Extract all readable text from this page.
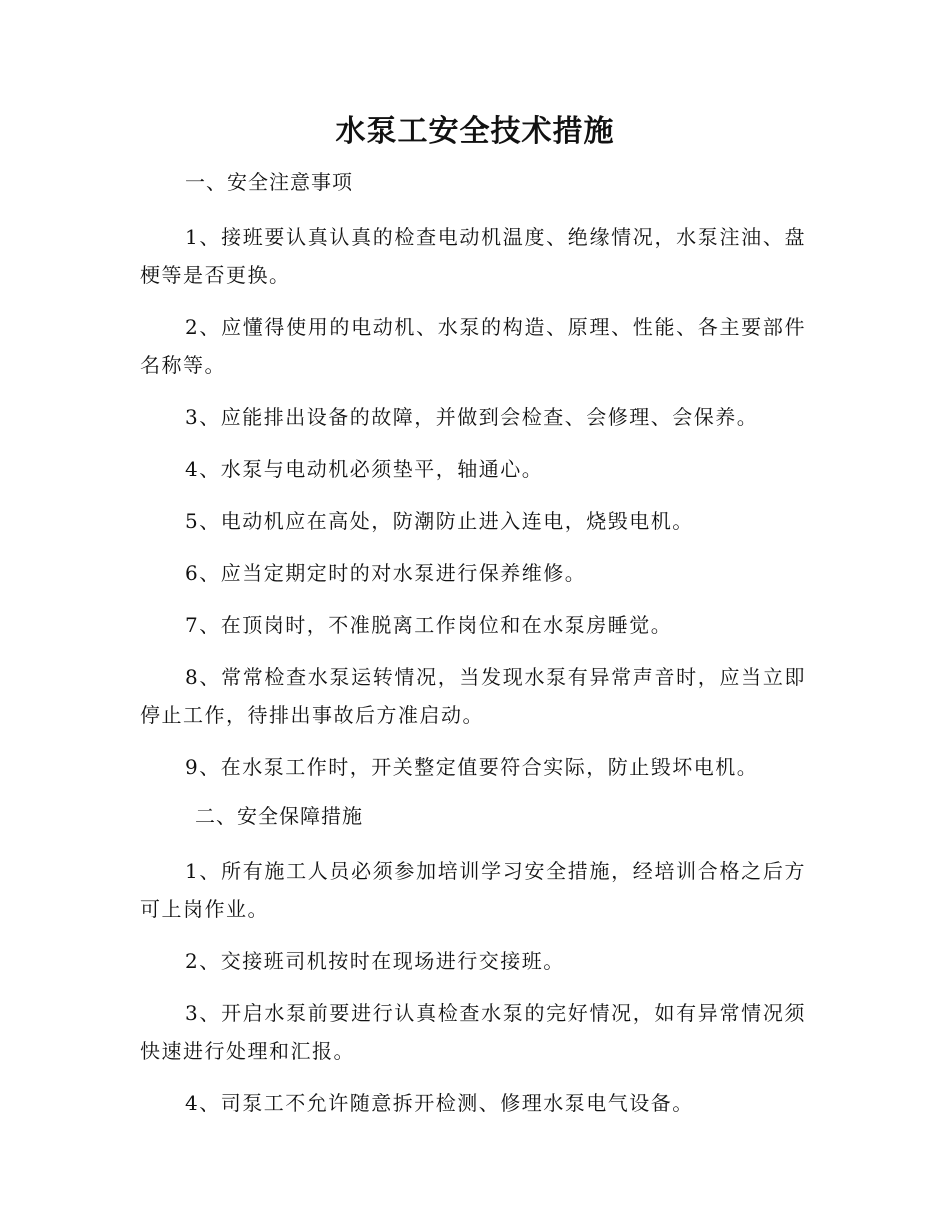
水泵工安全技术措施

一、安全注意事项

1、接班要认真认真的检查电动机温度、绝缘情况，水泵注油、盘梗等是否更换。

2、应懂得使用的电动机、水泵的构造、原理、性能、各主要部件名称等。

3、应能排出设备的故障，并做到会检查、会修理、会保养。

4、水泵与电动机必须垫平，轴通心。

5、电动机应在高处，防潮防止进入连电，烧毁电机。

6、应当定期定时的对水泵进行保养维修。

7、在顶岗时，不准脱离工作岗位和在水泵房睡觉。

8、常常检查水泵运转情况，当发现水泵有异常声音时，应当立即停止工作，待排出事故后方准启动。

9、在水泵工作时，开关整定值要符合实际，防止毁坏电机。

二、安全保障措施

1、所有施工人员必须参加培训学习安全措施，经培训合格之后方可上岗作业。

2、交接班司机按时在现场进行交接班。

3、开启水泵前要进行认真检查水泵的完好情况，如有异常情况须快速进行处理和汇报。

4、司泵工不允许随意拆开检测、修理水泵电气设备。
